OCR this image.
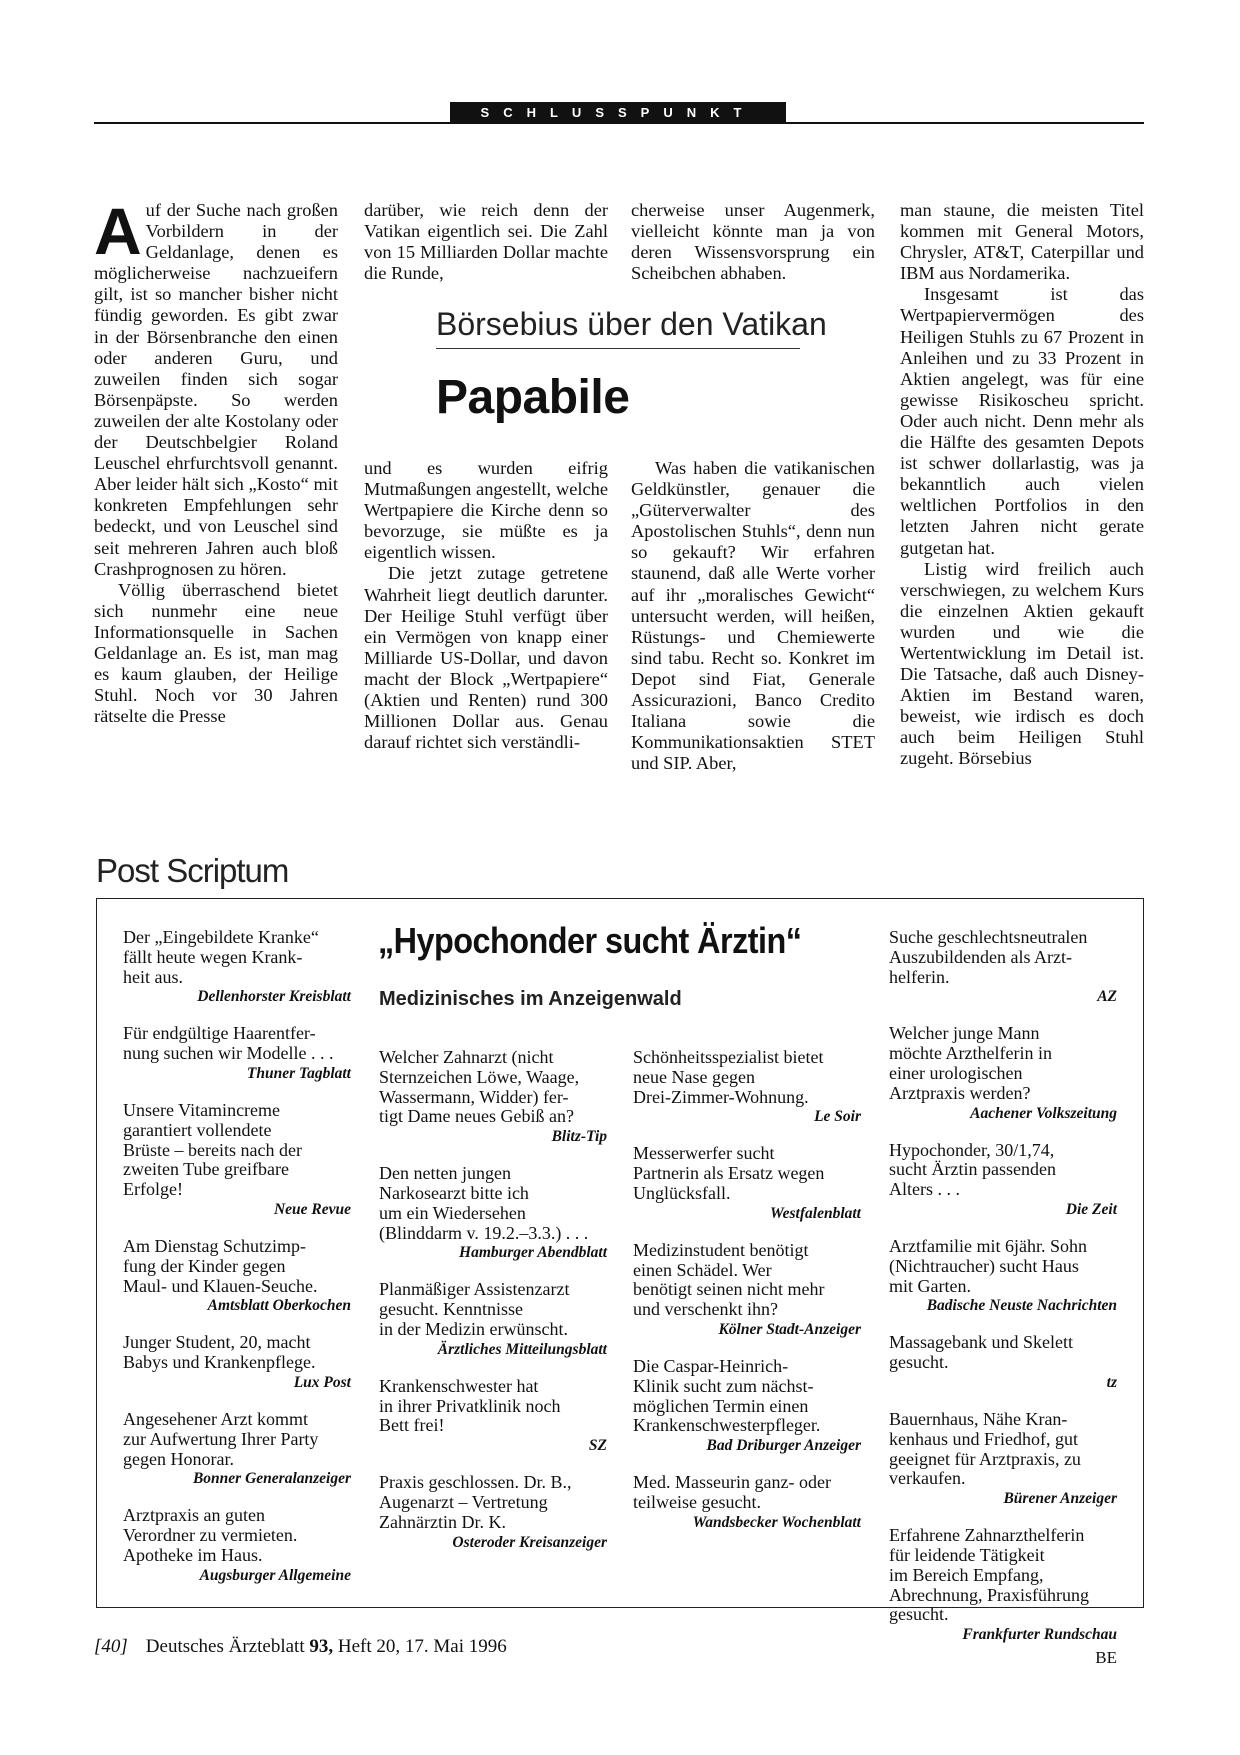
SCHLUSSPUNKT

Auf der Suche nach großen Vorbildern in der Geldanlage, denen es möglicherweise nachzueifern gilt, ist so mancher bisher nicht fündig geworden. Es gibt zwar in der Börsenbranche den einen oder anderen Guru, und zuweilen finden sich sogar Börsenpäpste. So werden zuweilen der alte Kostolany oder der Deutschbelgier Roland Leuschel ehrfurchtsvoll genannt. Aber leider hält sich „Kosto“ mit konkreten Empfehlungen sehr bedeckt, und von Leuschel sind seit mehreren Jahren auch bloß Crashprognosen zu hören.

Völlig überraschend bietet sich nunmehr eine neue Informationsquelle in Sachen Geldanlage an. Es ist, man mag es kaum glauben, der Heilige Stuhl. Noch vor 30 Jahren rätselte die Presse

darüber, wie reich denn der Vatikan eigentlich sei. Die Zahl von 15 Milliarden Dollar machte die Runde,

cherweise unser Augenmerk, vielleicht könnte man ja von deren Wissensvorsprung ein Scheibchen abhaben.

Börsebius über den Vatikan
Papabile

und es wurden eifrig Mutmaßungen angestellt, welche Wertpapiere die Kirche denn so bevorzuge, sie müßte es ja eigentlich wissen.

Die jetzt zutage getretene Wahrheit liegt deutlich darunter. Der Heilige Stuhl verfügt über ein Vermögen von knapp einer Milliarde US-Dollar, und davon macht der Block „Wertpapiere“ (Aktien und Renten) rund 300 Millionen Dollar aus. Genau darauf richtet sich verständli-

Was haben die vatikanischen Geldkünstler, genauer die „Güterverwalter des Apostolischen Stuhls“, denn nun so gekauft? Wir erfahren staunend, daß alle Werte vorher auf ihr „moralisches Gewicht“ untersucht werden, will heißen, Rüstungs- und Chemiewerte sind tabu. Recht so. Konkret im Depot sind Fiat, Generale Assicurazioni, Banco Credito Italiana sowie die Kommunikationsaktien STET und SIP. Aber,

man staune, die meisten Titel kommen mit General Motors, Chrysler, AT&T, Caterpillar und IBM aus Nordamerika.

Insgesamt ist das Wertpapiervermögen des Heiligen Stuhls zu 67 Prozent in Anleihen und zu 33 Prozent in Aktien angelegt, was für eine gewisse Risikoscheu spricht. Oder auch nicht. Denn mehr als die Hälfte des gesamten Depots ist schwer dollarlastig, was ja bekanntlich auch vielen weltlichen Portfolios in den letzten Jahren nicht gerate gutgetan hat.

Listig wird freilich auch verschwiegen, zu welchem Kurs die einzelnen Aktien gekauft wurden und wie die Wertentwicklung im Detail ist. Die Tatsache, daß auch Disney-Aktien im Bestand waren, beweist, wie irdisch es doch auch beim Heiligen Stuhl zugeht. Börsebius

Post Scriptum
„Hypochonder sucht Ärztin“
Medizinisches im Anzeigenwald
Der „Eingebildete Kranke“
fällt heute wegen Krank-
heit aus.
Dellenhorster Kreisblatt
Für endgültige Haarentfer-
nung suchen wir Modelle . . .
Thuner Tagblatt
Unsere Vitamincreme
garantiert vollendete
Brüste – bereits nach der
zweiten Tube greifbare
Erfolge!
Neue Revue
Am Dienstag Schutzimp-
fung der Kinder gegen
Maul- und Klauen-Seuche.
Amtsblatt Oberkochen
Junger Student, 20, macht
Babys und Krankenpflege.
Lux Post
Angesehener Arzt kommt
zur Aufwertung Ihrer Party
gegen Honorar.
Bonner Generalanzeiger
Arztpraxis an guten
Verordner zu vermieten.
Apotheke im Haus.
Augsburger Allgemeine
Welcher Zahnarzt (nicht
Sternzeichen Löwe, Waage,
Wassermann, Widder) fer-
tigt Dame neues Gebiß an?
Blitz-Tip
Den netten jungen
Narkosearzt bitte ich
um ein Wiedersehen
(Blinddarm v. 19.2.–3.3.) . . .
Hamburger Abendblatt
Planmäßiger Assistenzarzt
gesucht. Kenntnisse
in der Medizin erwünscht.
Ärztliches Mitteilungsblatt
Krankenschwester hat
in ihrer Privatklinik noch
Bett frei!
SZ
Praxis geschlossen. Dr. B.,
Augenarzt – Vertretung
Zahnärztin Dr. K.
Osteroder Kreisanzeiger
Schönheitsspezialist bietet
neue Nase gegen
Drei-Zimmer-Wohnung.
Le Soir
Messerwerfer sucht
Partnerin als Ersatz wegen
Unglücksfall.
Westfalenblatt
Medizinstudent benötigt
einen Schädel. Wer
benötigt seinen nicht mehr
und verschenkt ihn?
Kölner Stadt-Anzeiger
Die Caspar-Heinrich-
Klinik sucht zum nächst-
möglichen Termin einen
Krankenschwesterpfleger.
Bad Driburger Anzeiger
Med. Masseurin ganz- oder
teilweise gesucht.
Wandsbecker Wochenblatt
Suche geschlechtsneutralen
Auszubildenden als Arzt-
helferin.
AZ
Welcher junge Mann
möchte Arzthelferin in
einer urologischen
Arztpraxis werden?
Aachener Volkszeitung
Hypochonder, 30/1,74,
sucht Ärztin passenden
Alters . . .
Die Zeit
Arztfamilie mit 6jähr. Sohn
(Nichtraucher) sucht Haus
mit Garten.
Badische Neuste Nachrichten
Massagebank und Skelett
gesucht.
tz
Bauernhaus, Nähe Kran-
kenhaus und Friedhof, gut
geeignet für Arztpraxis, zu
verkaufen.
Bürener Anzeiger
Erfahrene Zahnarzthelferin
für leidende Tätigkeit
im Bereich Empfang,
Abrechnung, Praxisführung
gesucht.
Frankfurter Rundschau
BE
[40] Deutsches Ärzteblatt 93, Heft 20, 17. Mai 1996
